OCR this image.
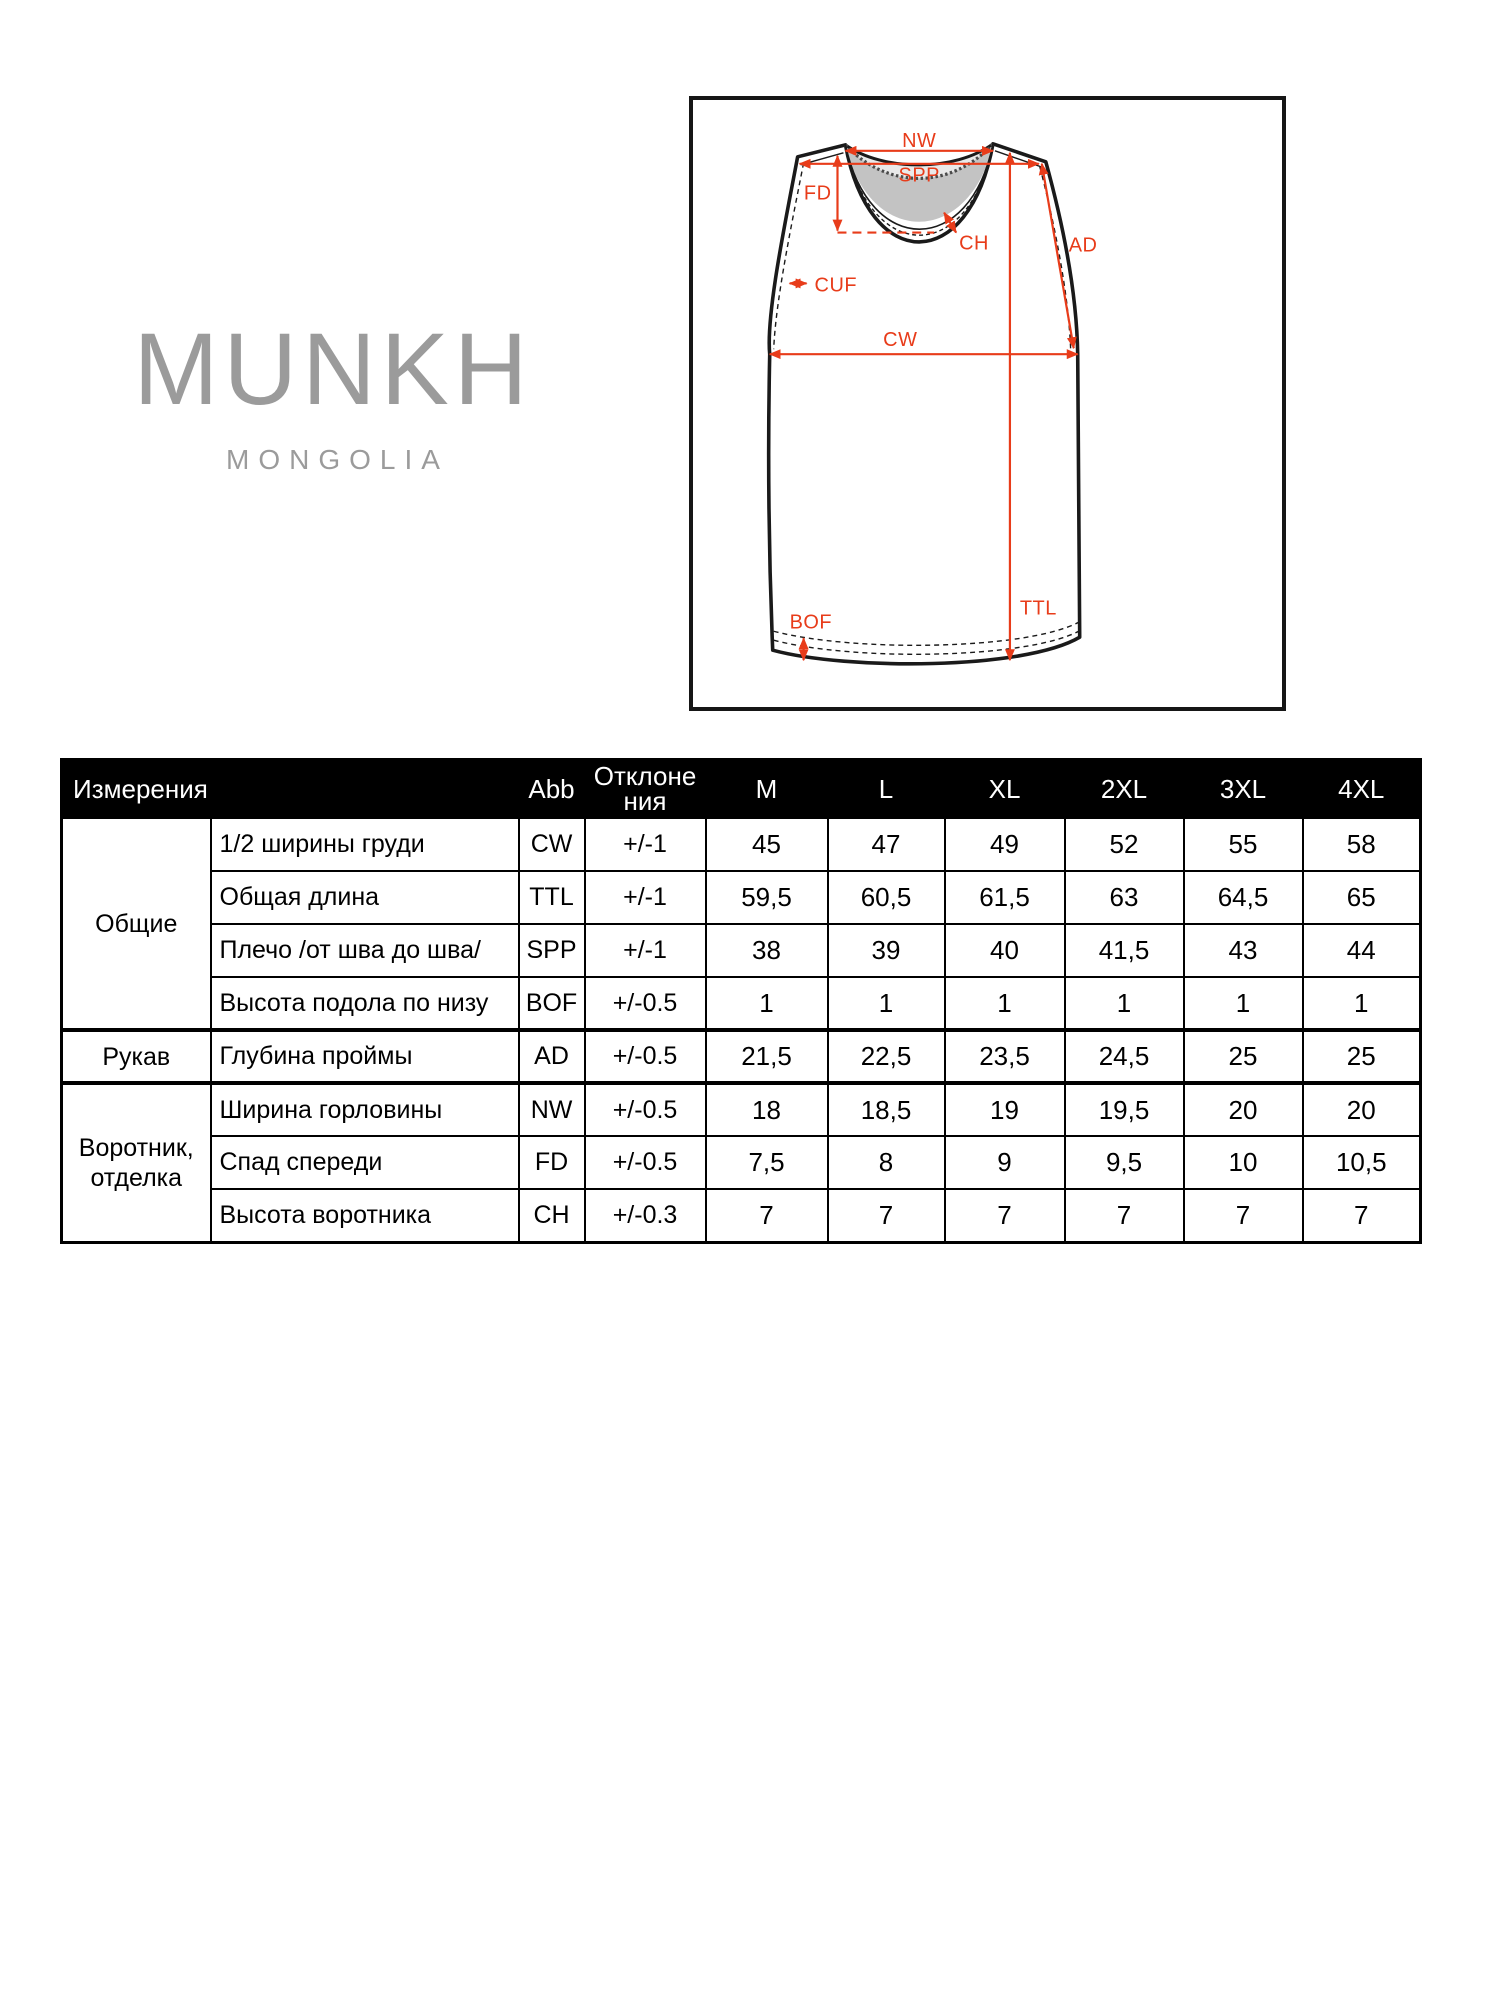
MUNKH
MONGOLIA
NW
SPP
FD
CH
CUF
CW
AD
TTL
BOF
Измерения		Abb	Отклоне
ния	M	L	XL	2XL	3XL	4XL

Общие	1/2 ширины груди	CW	+/-1	45	47	49	52	55	58
	Общая длина	TTL	+/-1	59,5	60,5	61,5	63	64,5	65
	Плечо /от шва до шва/	SPP	+/-1	38	39	40	41,5	43	44
	Высота подола по низу	BOF	+/-0.5	1	1	1	1	1	1

Рукав	Глубина проймы	AD	+/-0.5	21,5	22,5	23,5	24,5	25	25

Воротник,
отделка	Ширина горловины	NW	+/-0.5	18	18,5	19	19,5	20	20
	Спад спереди	FD	+/-0.5	7,5	8	9	9,5	10	10,5
	Высота воротника	CH	+/-0.3	7	7	7	7	7	7
